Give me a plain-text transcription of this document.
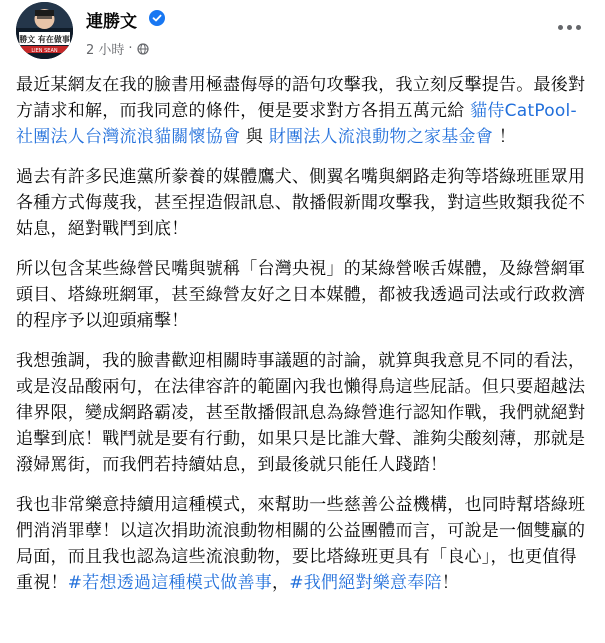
勝文 有在做事
LIEN SEAN
連勝文
2 小時 ·

最近某網友在我的臉書用極盡侮辱的語句攻擊我，我立刻反擊提告。最後對方請求和解，而我同意的條件，便是要求對方各捐五萬元給 貓侍CatPool-社團法人台灣流浪貓關懷協會 與 財團法人流浪動物之家基金會 ！

過去有許多民進黨所豢養的媒體鷹犬、側翼名嘴與網路走狗等塔綠班匪眾用各種方式侮蔑我，甚至捏造假訊息、散播假新聞攻擊我，對這些敗類我從不姑息，絕對戰鬥到底！

所以包含某些綠營民嘴與號稱「台灣央視」的某綠營喉舌媒體，及綠營網軍頭目、塔綠班網軍，甚至綠營友好之日本媒體，都被我透過司法或行政救濟的程序予以迎頭痛擊！

我想強調，我的臉書歡迎相關時事議題的討論，就算與我意見不同的看法，或是沒品酸兩句，在法律容許的範圍內我也懶得鳥這些屁話。但只要超越法律界限，變成網路霸凌，甚至散播假訊息為綠營進行認知作戰，我們就絕對追擊到底！戰鬥就是要有行動，如果只是比誰大聲、誰夠尖酸刻薄，那就是潑婦罵街，而我們若持續姑息，到最後就只能任人踐踏！

我也非常樂意持續用這種模式，來幫助一些慈善公益機構，也同時幫塔綠班們消消罪孽！以這次捐助流浪動物相關的公益團體而言，可說是一個雙贏的局面，而且我也認為這些流浪動物，要比塔綠班更具有「良心」，也更值得重視！#若想透過這種模式做善事，#我們絕對樂意奉陪！
